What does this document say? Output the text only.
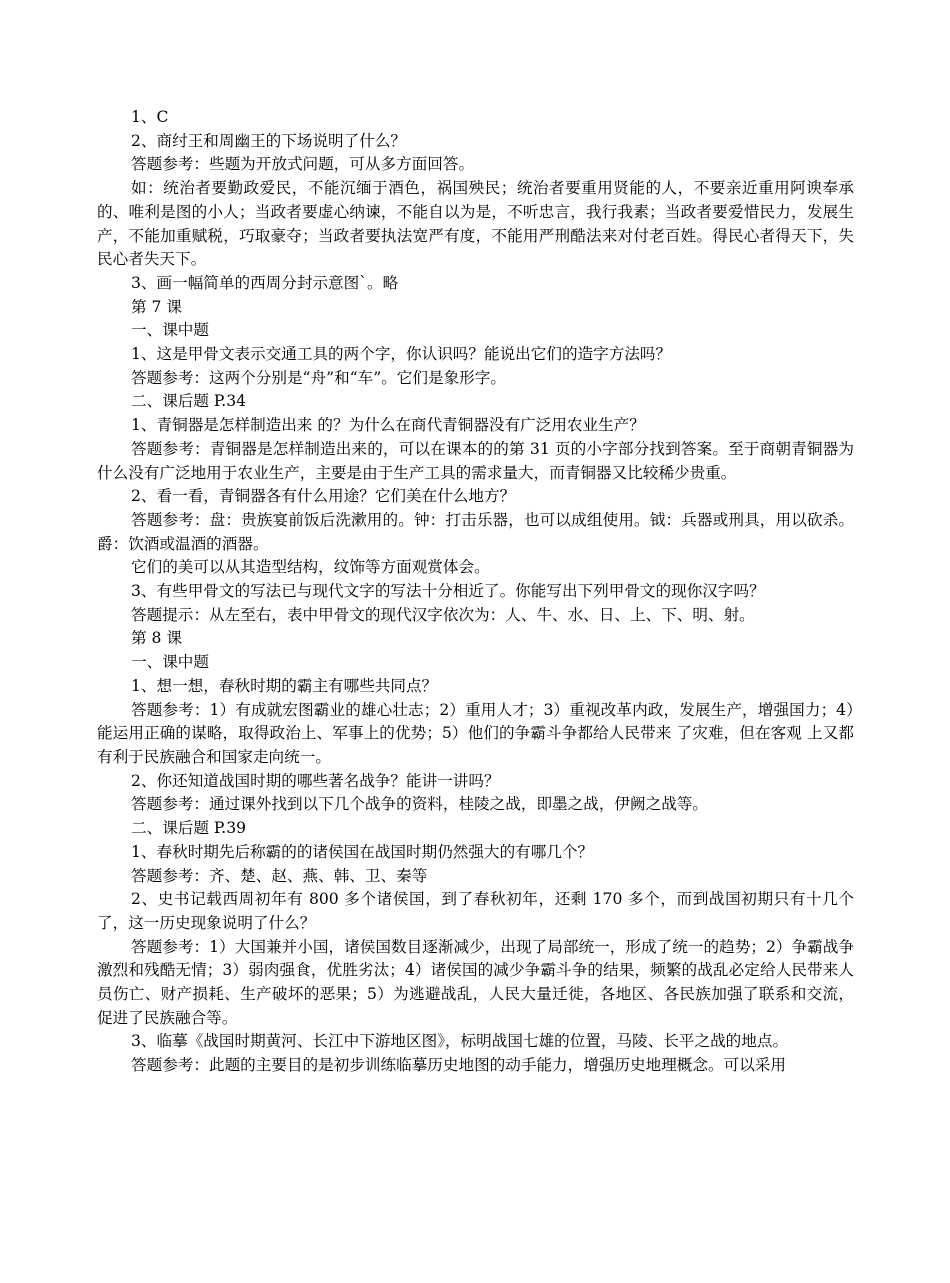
1、C

2、商纣王和周幽王的下场说明了什么？

答题参考：些题为开放式问题，可从多方面回答。

如：统治者要勤政爱民，不能沉缅于酒色，祸国殃民；统治者要重用贤能的人，不要亲近重用阿谀奉承的、唯利是图的小人；当政者要虚心纳谏，不能自以为是，不听忠言，我行我素；当政者要爱惜民力，发展生产，不能加重赋税，巧取豪夺；当政者要执法宽严有度，不能用严刑酷法来对付老百姓。得民心者得天下，失民心者失天下。

3、画一幅简单的西周分封示意图`。略

第 7 课

一、课中题

1、这是甲骨文表示交通工具的两个字，你认识吗？能说出它们的造字方法吗？

答题参考：这两个分别是“舟”和“车”。它们是象形字。

二、课后题 P.34

1、青铜器是怎样制造出来 的？为什么在商代青铜器没有广泛用农业生产？

答题参考：青铜器是怎样制造出来的，可以在课本的的第 31 页的小字部分找到答案。至于商朝青铜器为什么没有广泛地用于农业生产，主要是由于生产工具的需求量大，而青铜器又比较稀少贵重。

2、看一看，青铜器各有什么用途？它们美在什么地方？

答题参考：盘：贵族宴前饭后洗漱用的。钟：打击乐器，也可以成组使用。钺：兵器或刑具，用以砍杀。爵：饮酒或温酒的酒器。

它们的美可以从其造型结构，纹饰等方面观赏体会。

3、有些甲骨文的写法已与现代文字的写法十分相近了。你能写出下列甲骨文的现你汉字吗？

答题提示：从左至右，表中甲骨文的现代汉字依次为：人、牛、水、日、上、下、明、射。

第 8 课

一、课中题

1、想一想，春秋时期的霸主有哪些共同点？

答题参考：1）有成就宏图霸业的雄心壮志；2）重用人才；3）重视改革内政，发展生产，增强国力；4）能运用正确的谋略，取得政治上、军事上的优势；5）他们的争霸斗争都给人民带来 了灾难，但在客观 上又都有利于民族融合和国家走向统一。

2、你还知道战国时期的哪些著名战争？能讲一讲吗？

答题参考：通过课外找到以下几个战争的资料，桂陵之战，即墨之战，伊阙之战等。

二、课后题 P.39

1、春秋时期先后称霸的的诸侯国在战国时期仍然强大的有哪几个？

答题参考：齐、楚、赵、燕、韩、卫、秦等

2、史书记载西周初年有 800 多个诸侯国，到了春秋初年，还剩 170 多个，而到战国初期只有十几个了，这一历史现象说明了什么？

答题参考：1）大国兼并小国，诸侯国数目逐渐减少，出现了局部统一，形成了统一的趋势；2）争霸战争激烈和残酷无情；3）弱肉强食，优胜劣汰；4）诸侯国的减少争霸斗争的结果，频繁的战乱必定给人民带来人员伤亡、财产损耗、生产破坏的恶果；5）为逃避战乱，人民大量迁徙，各地区、各民族加强了联系和交流，促进了民族融合等。

3、临摹《战国时期黄河、长江中下游地区图》，标明战国七雄的位置，马陵、长平之战的地点。

答题参考：此题的主要目的是初步训练临摹历史地图的动手能力，增强历史地理概念。可以采用
